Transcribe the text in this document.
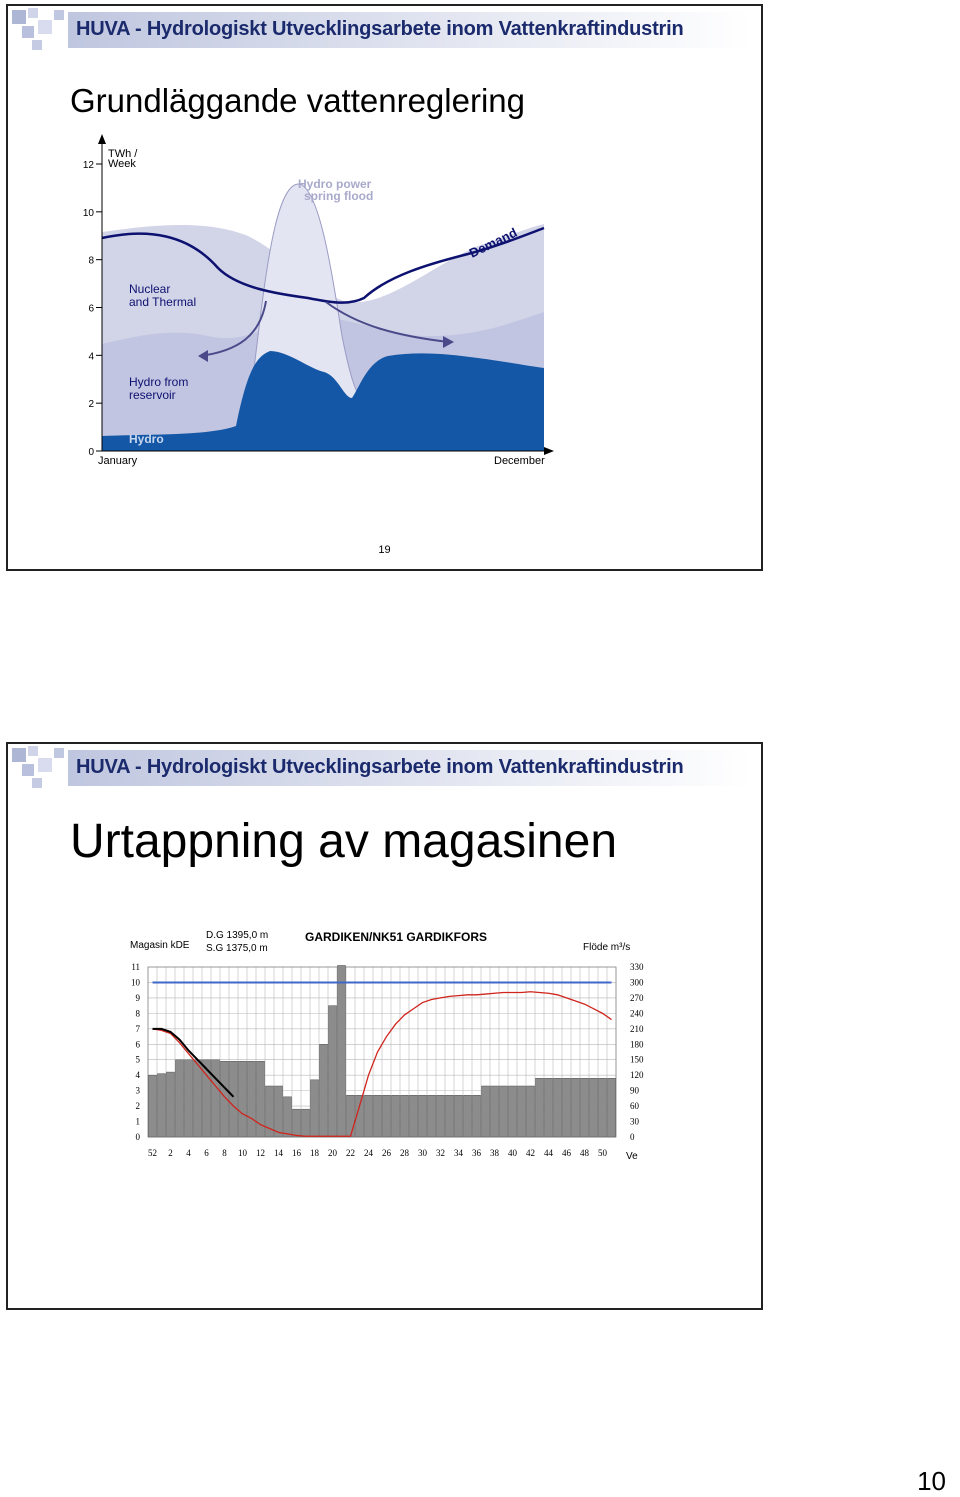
HUVA - Hydrologiskt Utvecklingsarbete inom Vattenkraftindustrin
Grundläggande vattenreglering
0
2
4
6
8
10
12
TWh /
Week
Hydro power
spring flood
Demand
Nuclear
and Thermal
Hydro from
reservoir
Hydro
January	December
19
HUVA - Hydrologiskt Utvecklingsarbete inom Vattenkraftindustrin
Urtappning av magasinen
Magasin kDE
D.G 1395,0 m
S.G 1375,0 m
GARDIKEN/NK51 GARDIKFORS
Flöde m³/s
11
10
9
8
7
6
5
4
3
2
1
0
330
300
270
240
210
180
150
120
90
60
30
0
52 2 4 6 8 10 12 14 16 18 20 22 24 26 28 30 32 34 36 38 40 42 44 46 48 50 Ve
10
